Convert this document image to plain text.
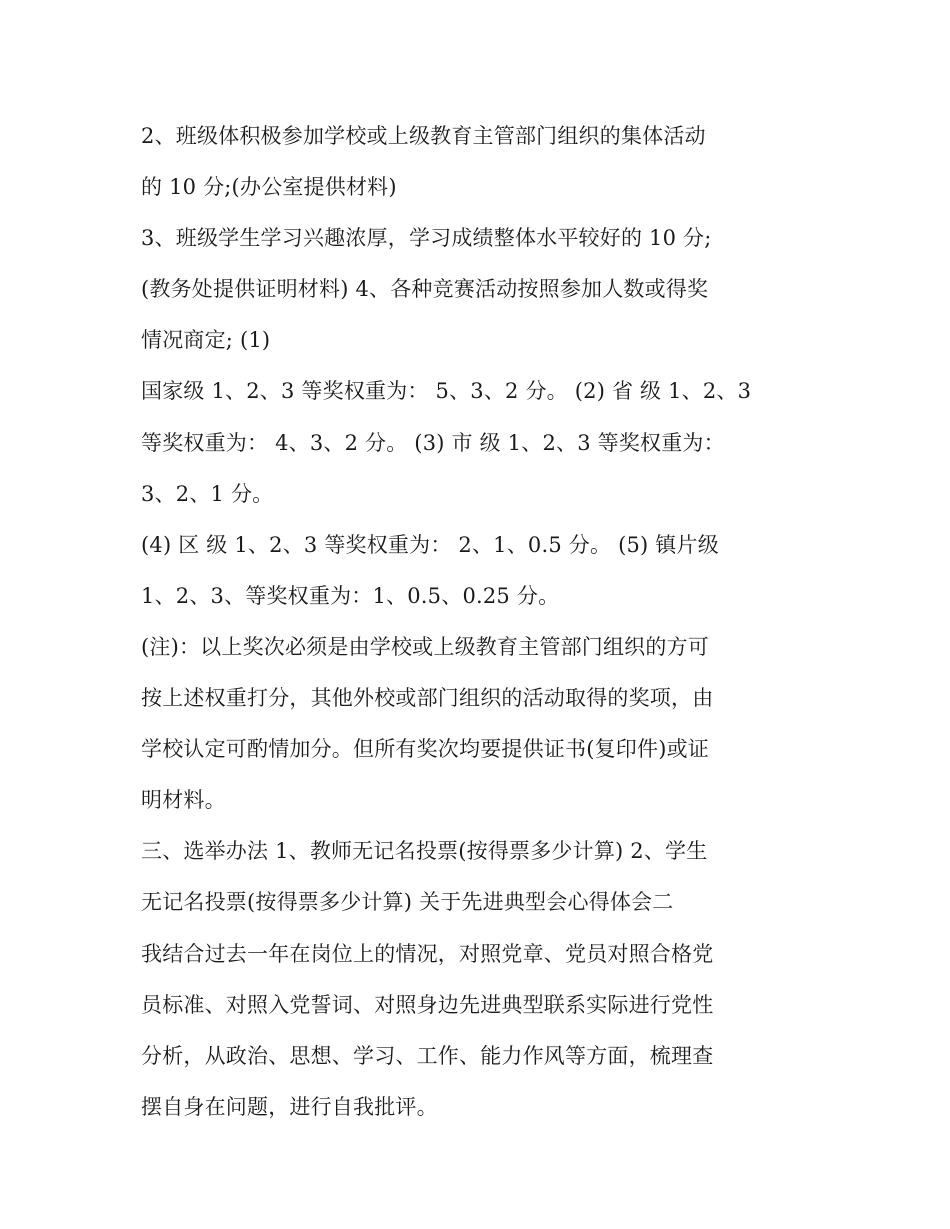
2、班级体积极参加学校或上级教育主管部门组织的集体活动
的 10 分;(办公室提供材料)
3、班级学生学习兴趣浓厚，学习成绩整体水平较好的 10 分;
(教务处提供证明材料) 4、各种竞赛活动按照参加人数或得奖
情况商定; (1)
国家级 1、2、3 等奖权重为： 5、3、2 分。 (2) 省 级 1、2、3
等奖权重为： 4、3、2 分。 (3) 市 级 1、2、3 等奖权重为：
3、2、1 分。
(4) 区 级 1、2、3 等奖权重为： 2、1、0.5 分。 (5) 镇片级
1、2、3、等奖权重为：1、0.5、0.25 分。
(注)：以上奖次必须是由学校或上级教育主管部门组织的方可
按上述权重打分，其他外校或部门组织的活动取得的奖项，由
学校认定可酌情加分。但所有奖次均要提供证书(复印件)或证
明材料。
三、选举办法 1、教师无记名投票(按得票多少计算) 2、学生
无记名投票(按得票多少计算) 关于先进典型会心得体会二
我结合过去一年在岗位上的情况，对照党章、党员对照合格党
员标准、对照入党誓词、对照身边先进典型联系实际进行党性
分析，从政治、思想、学习、工作、能力作风等方面，梳理查
摆自身在问题，进行自我批评。
